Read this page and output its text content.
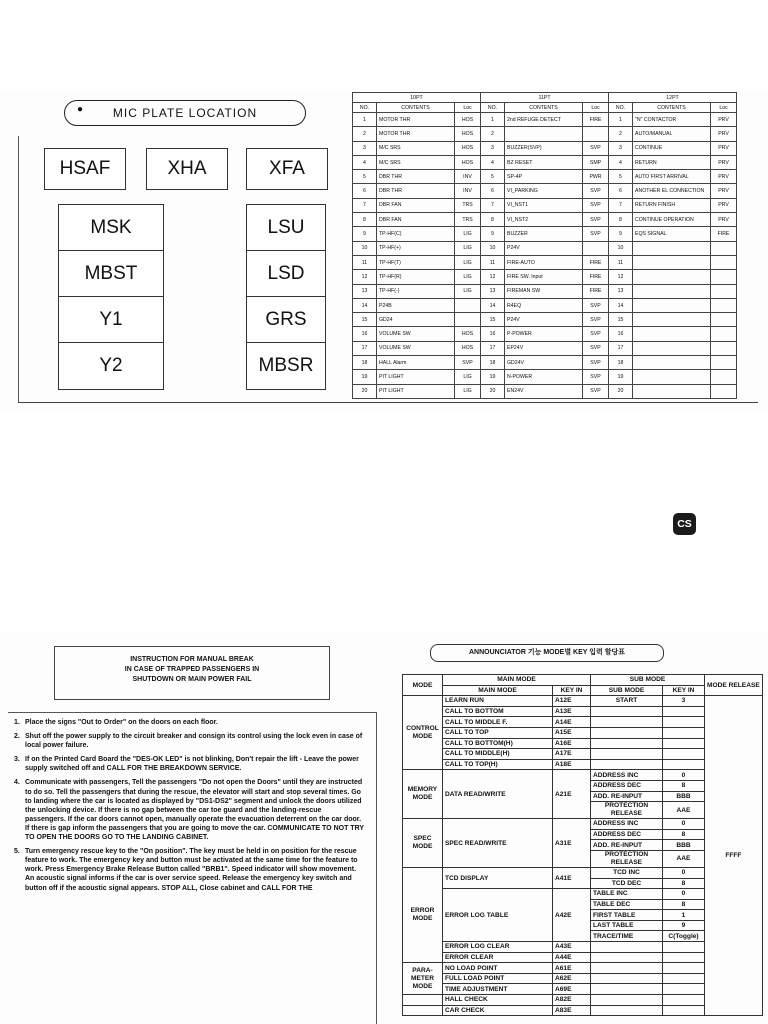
● MIC PLATE LOCATION
HSAF	XHA	XFA
MSK
MBST
Y1
Y2
LSU
LSD
GRS
MBSR
10PT			11PT			12PT		
NO.	CONTENTS	Loc	NO.	CONTENTS	Loc	NO.	CONTENTS	Loc
1	MOTOR THR	HOS	1	2nd REFUGE DETECT	FIRE	1	"N" CONTACTOR	PRV
2	MOTOR THR	HOS	2			2	AUTO/MANUAL	PRV
3	M/C SRS	HOS	3	BUZZER(SVP)	SVP	3	CONTINUE	PRV
4	M/C SRS	HOS	4	BZ RESET	SMP	4	RETURN	PRV
5	DBR THR	INV	5	SP-4P	PWR	5	AUTO FIRST ARRIVAL	PRV
6	DBR THR	INV	6	VI_PARKING	SVP	6	ANOTHER EL CONNECTION	PRV
7	DBR FAN	TRS	7	VI_NST1	SVP	7	RETURN FINISH	PRV
8	DBR FAN	TRS	8	VI_NST2	SVP	8	CONTINUE OPERATION	PRV
9	TP-HF(C)	LIG	9	BUZZER	SVP	9	EQS SIGNAL	FIRE
10	TP-HF(+)	LIG	10	P24V		10		
11	TP-HF(T)	LIG	11	FIRE-AUTO	FIRE	11		
12	TP-HF(R)	LIG	12	FIRE SW. Input	FIRE	12		
13	TP-HF(-)	LIG	13	FIREMAN SW	FIRE	13		
14	P24B		14	R4EQ	SVP	14		
15	GD24		15	P24V	SVP	15		
16	VOLUME SW	HOS	16	P-POWER	SVP	16		
17	VOLUME SW	HOS	17	EP24V	SVP	17		
18	HALL Alarm	SVP	18	GD24V	SVP	18		
19	PIT LIGHT	LIG	19	N-POWER	SVP	19		
20	PIT LIGHT	LIG	20	EN24V	SVP	20		
CS
INSTRUCTION FOR MANUAL BREAK
IN CASE OF TRAPPED PASSENGERS IN
SHUTDOWN OR MAIN POWER FAIL
1. Place the signs "Out to Order" on the doors on each floor.
2. Shut off the power supply to the circuit breaker and consign its control using the lock even in case of local power failure.
3. If on the Printed Card Board the "DES-OK LED" is not blinking, Don't repair the lift - Leave the power supply switched off and CALL FOR THE BREAKDOWN SERVICE.
4. Communicate with passengers, Tell the passengers "Do not open the Doors" until they are instructed to do so. Tell the passengers that during the rescue, the elevator will start and stop several times. Go to landing where the car is located as displayed by "DS1-DS2" segment and unlock the doors utilized the unlocking device. If there is no gap between the car toe guard and the landing-rescue passengers. If the car doors cannot open, manually operate the evacuation deterrent on the car door. If there is gap inform the passengers that you are going to move the car. COMMUNICATE TO NOT TRY TO OPEN THE DOORS GO TO THE LANDING CABINET.
5. Turn emergency rescue key to the "On position". The key must be held in on position for the rescue feature to work. The emergency key and button must be activated at the same time for the feature to work. Press Emergency Brake Release Button called "BRB1". Speed indicator will show movement. An acoustic signal informs if the car is over service speed. Release the emergency key switch and button off if the acoustic signal appears. STOP ALL, Close cabinet and CALL FOR THE
ANNOUNCIATOR 기능 MODE별 KEY 입력 할당표
MODE	MAIN MODE		SUB MODE		MODE RELEASE
	MAIN MODE	KEY IN	SUB MODE	KEY IN	
CONTROL MODE	LEARN RUN	A12E	START	3	FFFF
	CALL TO BOTTOM	A13E			
	CALL TO MIDDLE F.	A14E			
	CALL TO TOP	A15E			
	CALL TO BOTTOM(H)	A16E			
	CALL TO MIDDLE(H)	A17E			
	CALL TO TOP(H)	A18E			
MEMORY MODE	DATA READ/WRITE	A21E	ADDRESS INC	0	
			ADDRESS DEC	8	
			ADD. RE-INPUT	BBB	
			PROTECTION RELEASE	AAE	
SPEC MODE	SPEC READ/WRITE	A31E	ADDRESS INC	0	
			ADDRESS DEC	8	
			ADD. RE-INPUT	BBB	
			PROTECTION RELEASE	AAE	
ERROR MODE	TCD DISPLAY	A41E	TCD INC	0	
			TCD DEC	8	
	ERROR LOG TABLE	A42E	TABLE INC	0	
			TABLE DEC	8	
			FIRST TABLE	1	
			LAST TABLE	9	
			TRACE/TIME	C(Toggle)	
	ERROR LOG CLEAR	A43E			
	ERROR CLEAR	A44E			
PARA-METER MODE	NO LOAD POINT	A61E			
	FULL LOAD POINT	A62E			
	TIME ADJUSTMENT	A69E			
	HALL CHECK	A82E			
	CAR CHECK	A83E			
